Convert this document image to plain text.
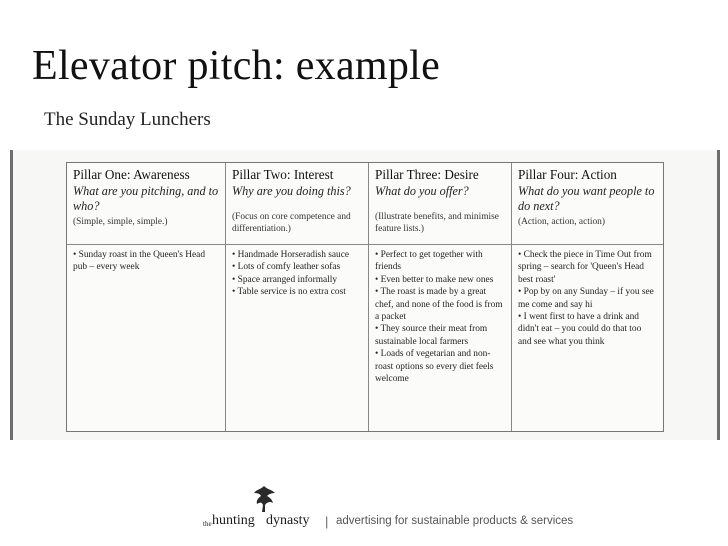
Elevator pitch: example
The Sunday Lunchers
Pillar One: Awareness
What are you pitching, and to who?
(Simple, simple, simple.)
Pillar Two: Interest
Why are you doing this?
(Focus on core competence and differentiation.)
Pillar Three: Desire
What do you offer?
(Illustrate benefits, and minimise feature lists.)
Pillar Four: Action
What do you want people to do next?
(Action, action, action)
• Sunday roast in the Queen's Head pub – every week
• Handmade Horseradish sauce
• Lots of comfy leather sofas
• Space arranged informally
• Table service is no extra cost
• Perfect to get together with friends
• Even better to make new ones
• The roast is made by a great chef, and none of the food is from a packet
• They source their meat from sustainable local farmers
• Loads of vegetarian and non-roast options so every diet feels welcome
• Check the piece in Time Out from spring – search for 'Queen's Head best roast'
• Pop by on any Sunday – if you see me come and say hi
• I went first to have a drink and didn't eat – you could do that too and see what you think
the hunting dynasty | advertising for sustainable products & services
